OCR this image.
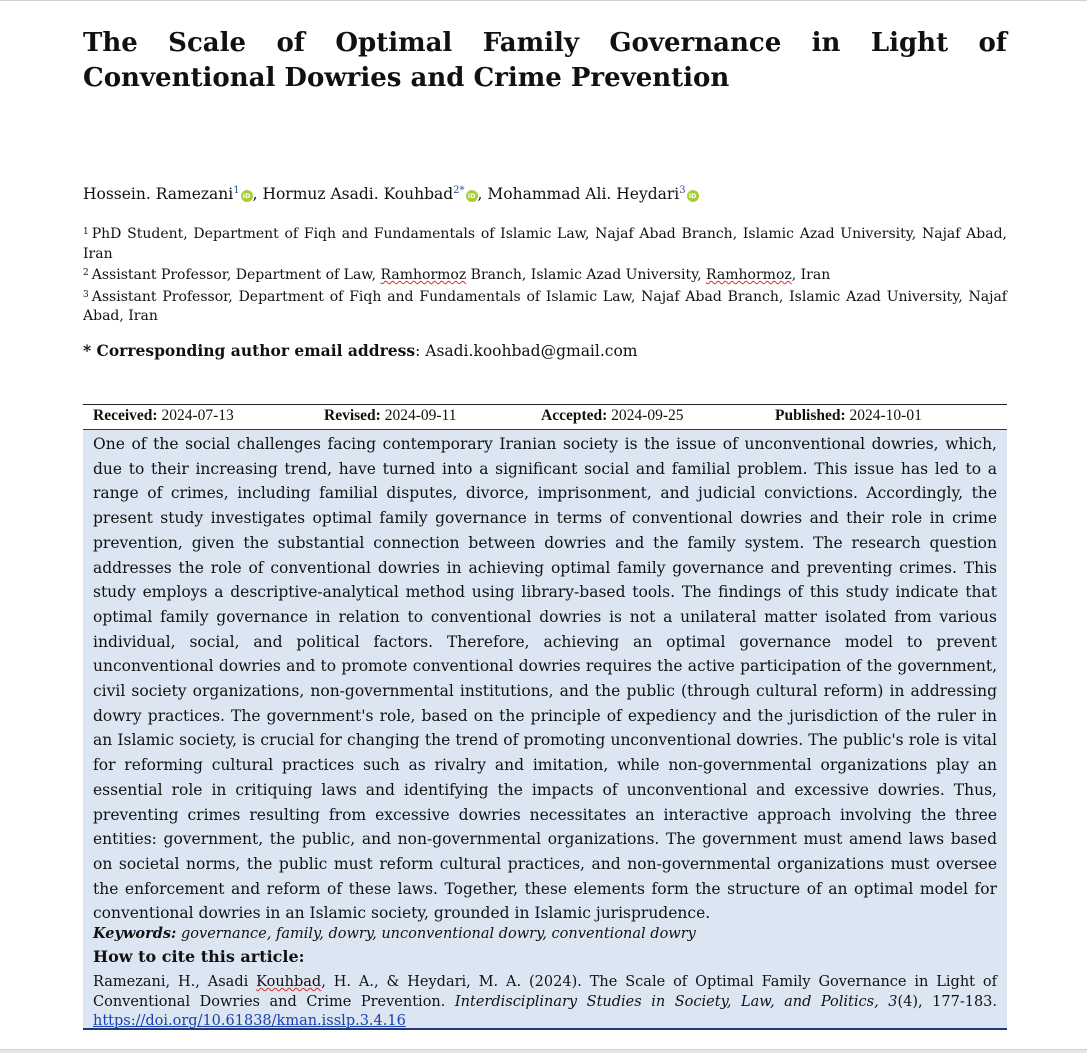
The Scale of Optimal Family Governance in Light of Conventional Dowries and Crime Prevention
Hossein. Ramezani$^1$ iD , Hormuz Asadi. Kouhbad$^{2*}$ iD , Mohammad Ali. Heydari$^3$ iD

$^1$ PhD Student, Department of Fiqh and Fundamentals of Islamic Law, Najaf Abad Branch, Islamic Azad University, Najaf Abad, Iran

$^2$ Assistant Professor, Department of Law, Ramhormoz Branch, Islamic Azad University, Ramhormoz, Iran

$^3$ Assistant Professor, Department of Fiqh and Fundamentals of Islamic Law, Najaf Abad Branch, Islamic Azad University, Najaf Abad, Iran

* Corresponding author email address: Asadi.koohbad@gmail.com
Received: 2024-07-13	Revised: 2024-09-11	Accepted: 2024-09-25	Published: 2024-10-01

One of the social challenges facing contemporary Iranian society is the issue of unconventional dowries, which, due to their increasing trend, have turned into a significant social and familial problem. This issue has led to a range of crimes, including familial disputes, divorce, imprisonment, and judicial convictions. Accordingly, the present study investigates optimal family governance in terms of conventional dowries and their role in crime prevention, given the substantial connection between dowries and the family system. The research question addresses the role of conventional dowries in achieving optimal family governance and preventing crimes. This study employs a descriptive-analytical method using library-based tools. The findings of this study indicate that optimal family governance in relation to conventional dowries is not a unilateral matter isolated from various individual, social, and political factors. Therefore, achieving an optimal governance model to prevent unconventional dowries and to promote conventional dowries requires the active participation of the government, civil society organizations, non-governmental institutions, and the public (through cultural reform) in addressing dowry practices. The government's role, based on the principle of expediency and the jurisdiction of the ruler in an Islamic society, is crucial for changing the trend of promoting unconventional dowries. The public's role is vital for reforming cultural practices such as rivalry and imitation, while non-governmental organizations play an essential role in critiquing laws and identifying the impacts of unconventional and excessive dowries. Thus, preventing crimes resulting from excessive dowries necessitates an interactive approach involving the three entities: government, the public, and non-governmental organizations. The government must amend laws based on societal norms, the public must reform cultural practices, and non-governmental organizations must oversee the enforcement and reform of these laws. Together, these elements form the structure of an optimal model for conventional dowries in an Islamic society, grounded in Islamic jurisprudence.

Keywords: governance, family, dowry, unconventional dowry, conventional dowry
How to cite this article:

Ramezani, H., Asadi Kouhbad, H. A., & Heydari, M. A. (2024). The Scale of Optimal Family Governance in Light of Conventional Dowries and Crime Prevention. Interdisciplinary Studies in Society, Law, and Politics, 3(4), 177-183. https://doi.org/10.61838/kman.isslp.3.4.16
